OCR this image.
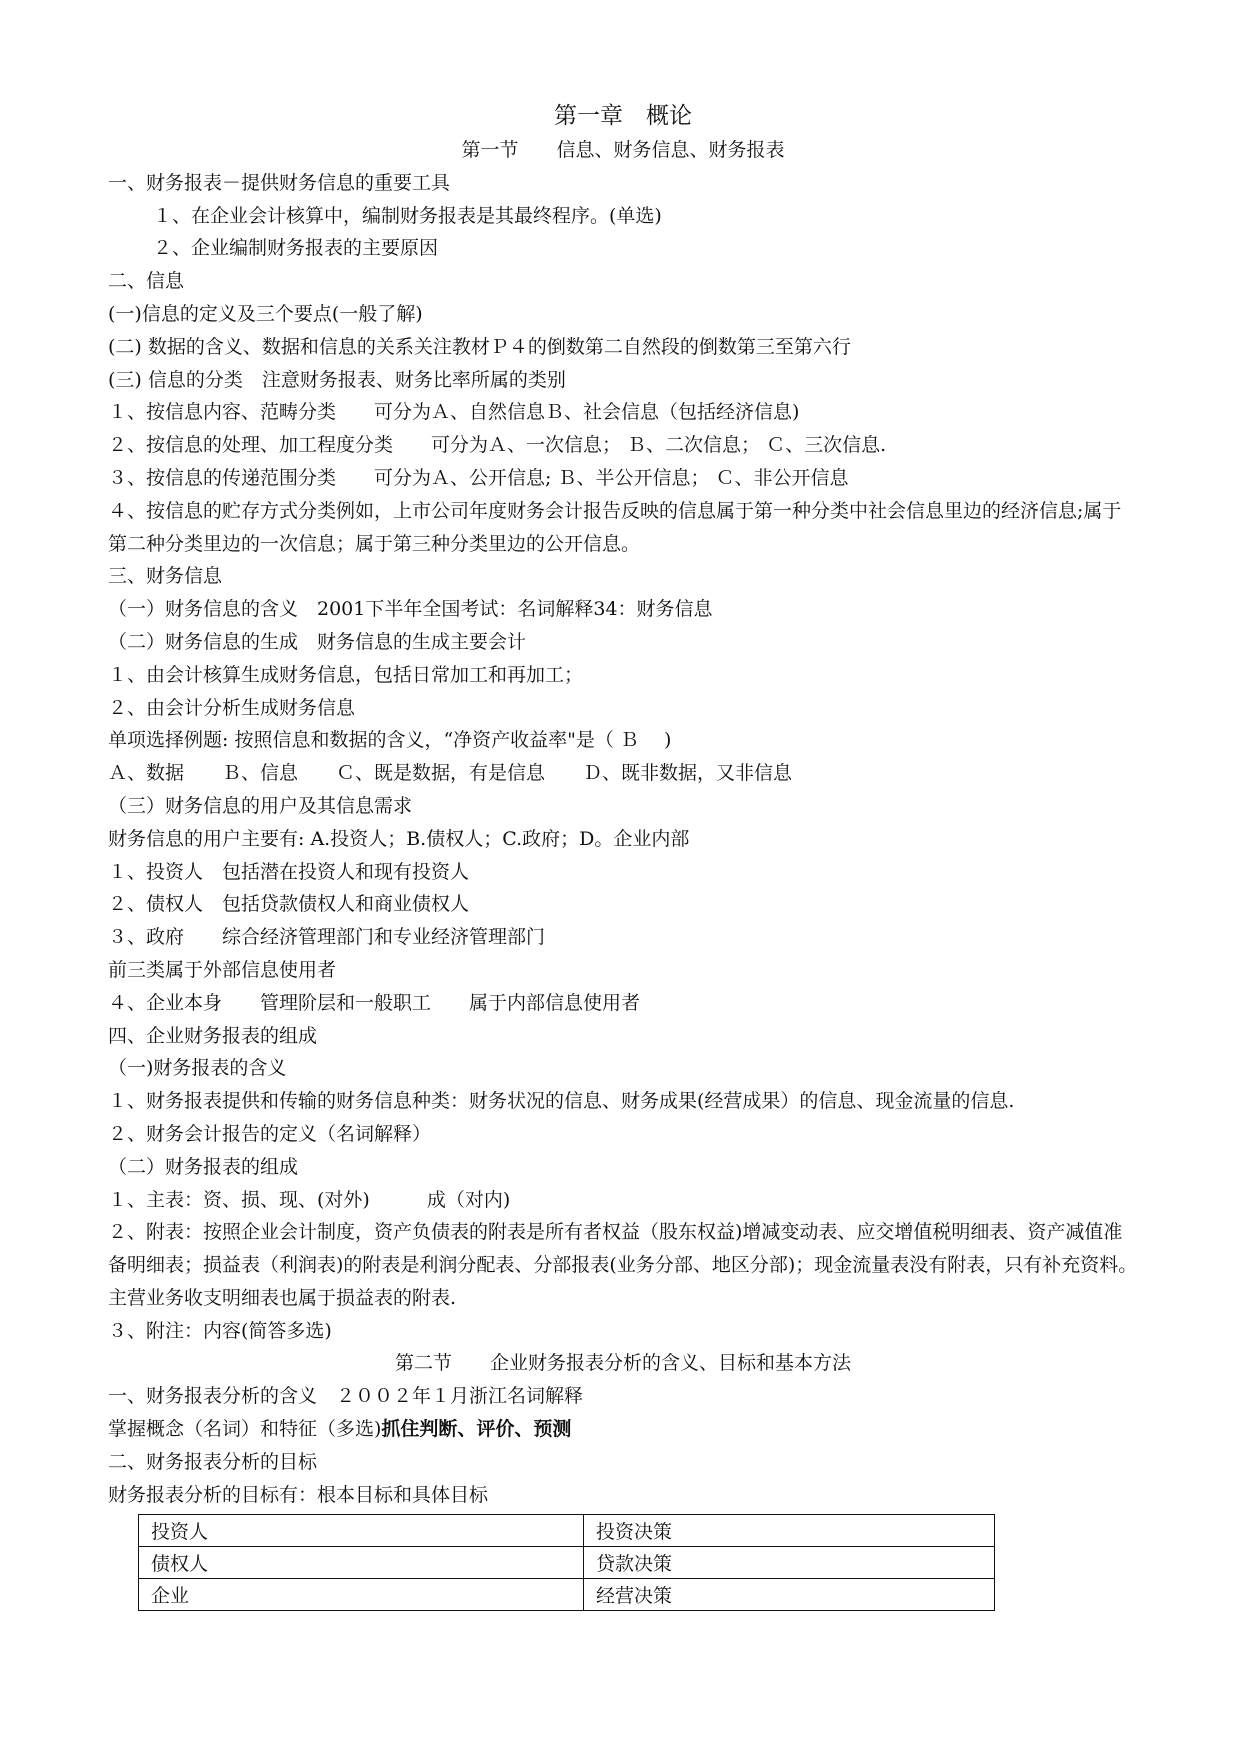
第一章　概论
第一节　　信息、财务信息、财务报表
一、财务报表－提供财务信息的重要工具
１、在企业会计核算中，编制财务报表是其最终程序。(单选)
２、企业编制财务报表的主要原因
二、信息
(一)信息的定义及三个要点(一般了解)
(二) 数据的含义、数据和信息的关系关注教材Ｐ４的倒数第二自然段的倒数第三至第六行
(三) 信息的分类　注意财务报表、财务比率所属的类别
１、按信息内容、范畴分类　　可分为Ａ、自然信息Ｂ、社会信息（包括经济信息)
２、按信息的处理、加工程度分类　　可分为Ａ、一次信息； Ｂ、二次信息； Ｃ、三次信息.
３、按信息的传递范围分类　　可分为Ａ、公开信息; Ｂ、半公开信息； Ｃ、非公开信息
４、按信息的贮存方式分类例如，上市公司年度财务会计报告反映的信息属于第一种分类中社会信息里边的经济信息;属于第二种分类里边的一次信息；属于第三种分类里边的公开信息。
三、财务信息
（一）财务信息的含义　2001下半年全国考试：名词解释34：财务信息
（二）财务信息的生成　财务信息的生成主要会计
１、由会计核算生成财务信息，包括日常加工和再加工；
２、由会计分析生成财务信息
单项选择例题: 按照信息和数据的含义，“净资产收益率"是（ Ｂ　 )
Ａ、数据　　Ｂ、信息　　Ｃ、既是数据，有是信息　　Ｄ、既非数据，又非信息
（三）财务信息的用户及其信息需求
财务信息的用户主要有: A.投资人；B.债权人；C.政府；D。企业内部
１、投资人　包括潜在投资人和现有投资人
２、债权人　包括贷款债权人和商业债权人
３、政府　　综合经济管理部门和专业经济管理部门
前三类属于外部信息使用者
４、企业本身　　管理阶层和一般职工　　属于内部信息使用者
四、企业财务报表的组成
（一)财务报表的含义
１、财务报表提供和传输的财务信息种类：财务状况的信息、财务成果(经营成果）的信息、现金流量的信息.
２、财务会计报告的定义（名词解释）
（二）财务报表的组成
１、主表：资、损、现、(对外)　　　成（对内)
２、附表：按照企业会计制度，资产负债表的附表是所有者权益（股东权益)增减变动表、应交增值税明细表、资产减值准备明细表；损益表（利润表)的附表是利润分配表、分部报表(业务分部、地区分部)；现金流量表没有附表，只有补充资料。主营业务收支明细表也属于损益表的附表.
３、附注：内容(简答多选)
第二节　　企业财务报表分析的含义、目标和基本方法
一、财务报表分析的含义　２００２年１月浙江名词解释
掌握概念（名词）和特征（多选)抓住判断、评价、预测
二、财务报表分析的目标
财务报表分析的目标有：根本目标和具体目标
投资人	投资决策
债权人	贷款决策
企业	经营决策
